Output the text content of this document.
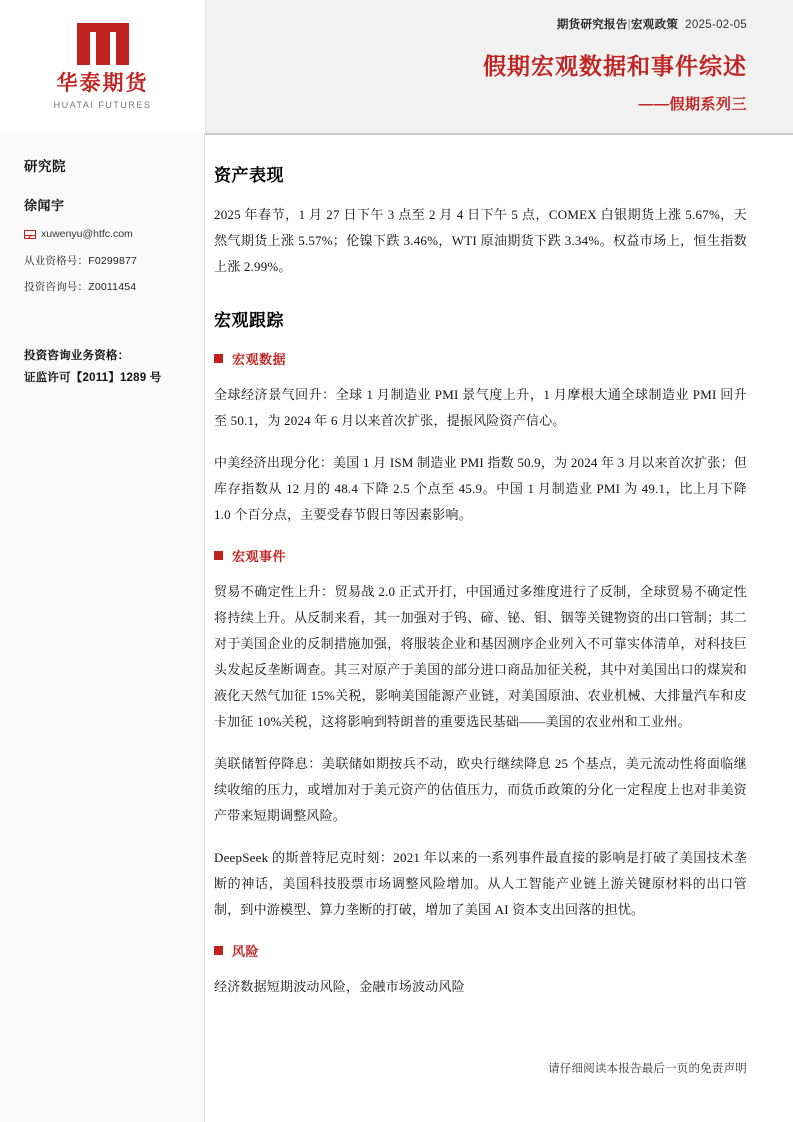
华泰期货
HUATAI FUTURES
期货研究报告|宏观政策 2025-02-05
假期宏观数据和事件综述
——假期系列三
研究院
徐闻宇
xuwenyu@htfc.com
从业资格号：F0299877
投资咨询号：Z0011454
投资咨询业务资格：
证监许可【2011】1289 号
资产表现

2025 年春节，1 月 27 日下午 3 点至 2 月 4 日下午 5 点，COMEX 白银期货上涨 5.67%，天然气期货上涨 5.57%；伦镍下跌 3.46%，WTI 原油期货下跌 3.34%。权益市场上，恒生指数上涨 2.99%。

宏观跟踪
宏观数据

全球经济景气回升：全球 1 月制造业 PMI 景气度上升，1 月摩根大通全球制造业 PMI 回升至 50.1，为 2024 年 6 月以来首次扩张，提振风险资产信心。

中美经济出现分化：美国 1 月 ISM 制造业 PMI 指数 50.9，为 2024 年 3 月以来首次扩张；但库存指数从 12 月的 48.4 下降 2.5 个点至 45.9。中国 1 月制造业 PMI 为 49.1，比上月下降 1.0 个百分点，主要受春节假日等因素影响。

宏观事件

贸易不确定性上升：贸易战 2.0 正式开打，中国通过多维度进行了反制，全球贸易不确定性将持续上升。从反制来看，其一加强对于钨、碲、铋、钼、铟等关键物资的出口管制；其二对于美国企业的反制措施加强，将服装企业和基因测序企业列入不可靠实体清单，对科技巨头发起反垄断调查。其三对原产于美国的部分进口商品加征关税，其中对美国出口的煤炭和液化天然气加征 15%关税，影响美国能源产业链，对美国原油、农业机械、大排量汽车和皮卡加征 10%关税，这将影响到特朗普的重要选民基础——美国的农业州和工业州。

美联储暂停降息：美联储如期按兵不动，欧央行继续降息 25 个基点，美元流动性将面临继续收缩的压力，或增加对于美元资产的估值压力，而货币政策的分化一定程度上也对非美资产带来短期调整风险。

DeepSeek 的斯普特尼克时刻：2021 年以来的一系列事件最直接的影响是打破了美国技术垄断的神话，美国科技股票市场调整风险增加。从人工智能产业链上游关键原材料的出口管制，到中游模型、算力垄断的打破，增加了美国 AI 资本支出回落的担忧。

风险

经济数据短期波动风险，金融市场波动风险

请仔细阅读本报告最后一页的免责声明
